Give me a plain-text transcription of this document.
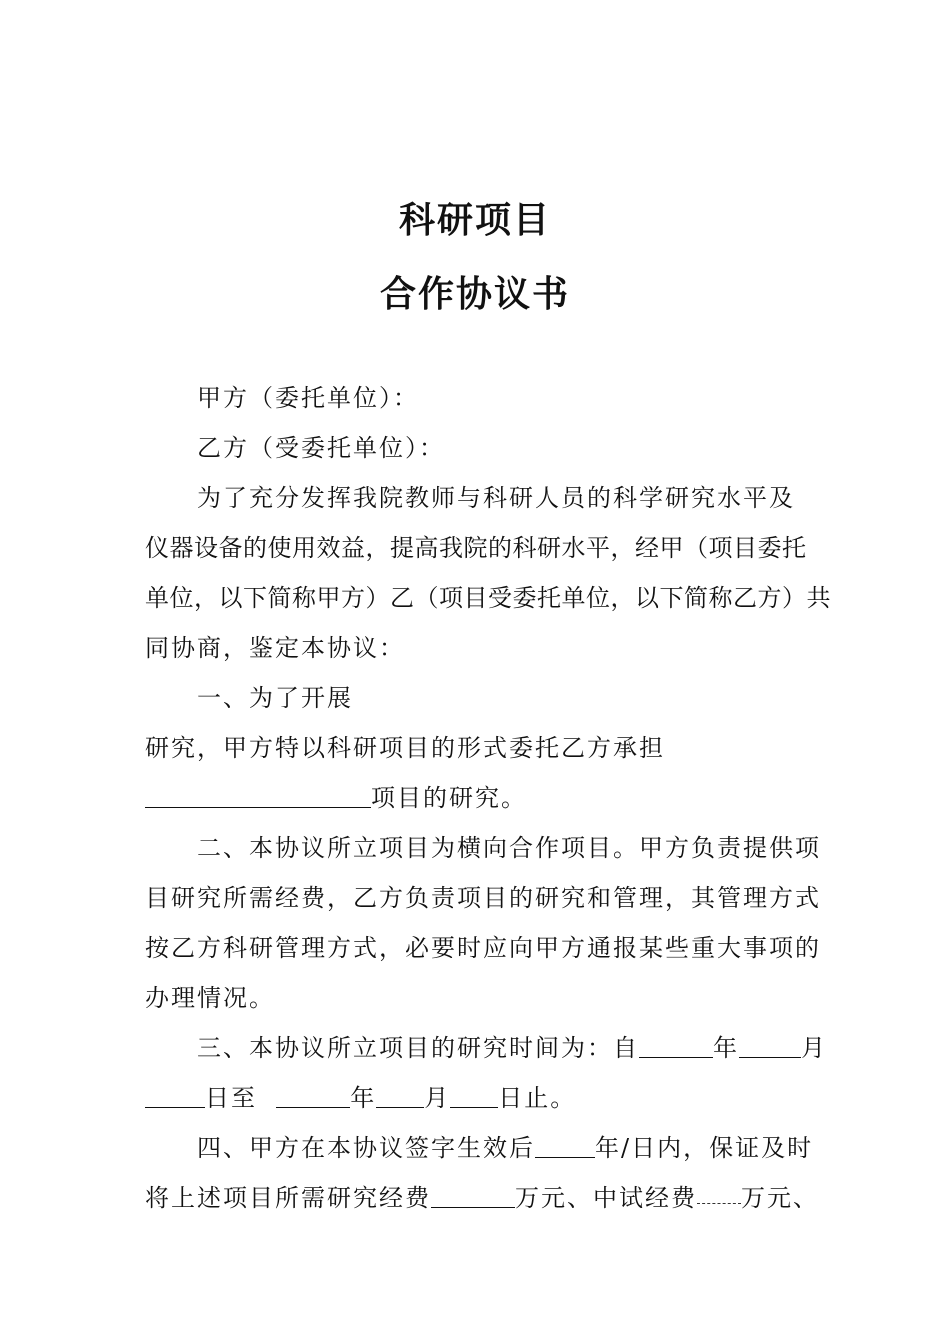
科研项目
合作协议书
甲方（委托单位）：
乙方（受委托单位）：
为了充分发挥我院教师与科研人员的科学研究水平及
仪器设备的使用效益，提高我院的科研水平，经甲（项目委托
单位，以下简称甲方）乙（项目受委托单位，以下简称乙方）共
同协商，鉴定本协议：
一、为了开展
研究，甲方特以科研项目的形式委托乙方承担
项目的研究。
二、本协议所立项目为横向合作项目。甲方负责提供项
目研究所需经费，乙方负责项目的研究和管理，其管理方式
按乙方科研管理方式，必要时应向甲方通报某些重大事项的
办理情况。
三、本协议所立项目的研究时间为：自	年	月
日至	年 月 日止。
四、甲方在本协议签字生效后	年/日内，保证及时
将上述项目所需研究经费	万元、中试经费 万元、
